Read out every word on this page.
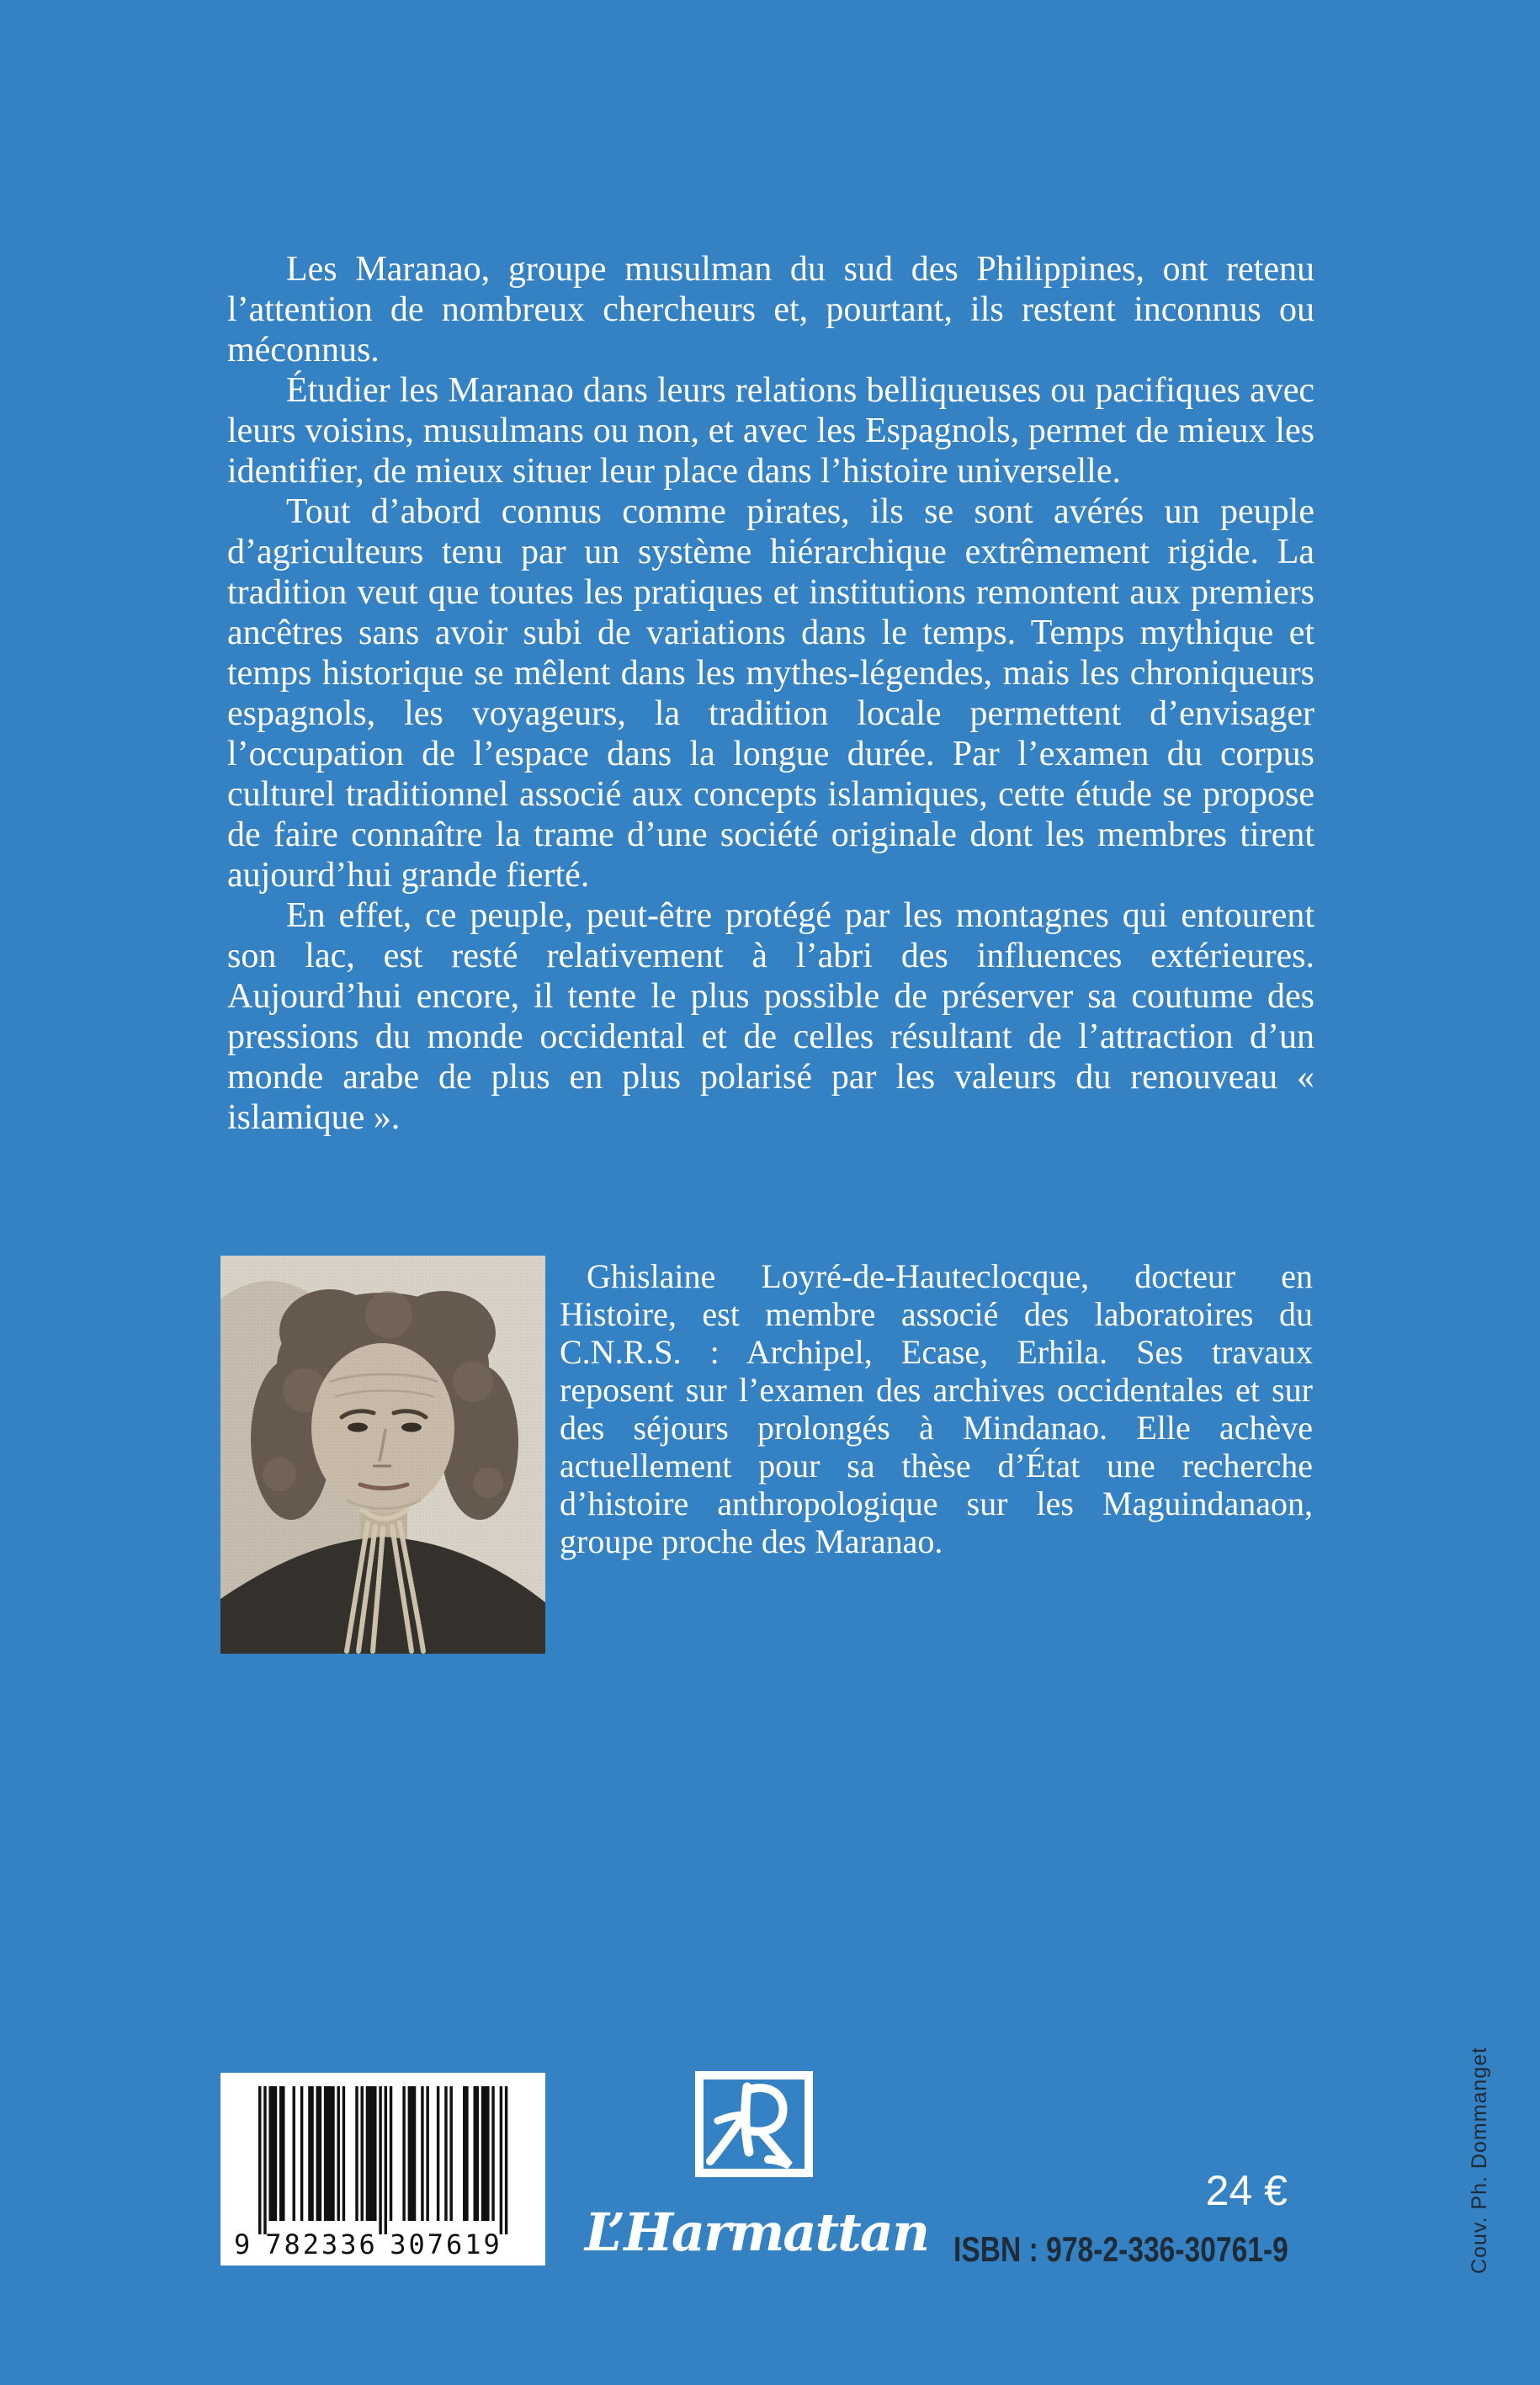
Les Maranao, groupe musulman du sud des Philippines, ont retenu l’attention de nombreux chercheurs et, pourtant, ils restent inconnus ou méconnus.

Étudier les Maranao dans leurs relations belliqueuses ou pacifiques avec leurs voisins, musulmans ou non, et avec les Espagnols, permet de mieux les identifier, de mieux situer leur place dans l’histoire universelle.

Tout d’abord connus comme pirates, ils se sont avérés un peuple d’agriculteurs tenu par un système hiérarchique extrêmement rigide. La tradition veut que toutes les pratiques et institutions remontent aux premiers ancêtres sans avoir subi de variations dans le temps. Temps mythique et temps historique se mêlent dans les mythes-légendes, mais les chroniqueurs espagnols, les voyageurs, la tradition locale permettent d’envisager l’occupation de l’espace dans la longue durée. Par l’examen du corpus culturel traditionnel associé aux concepts islamiques, cette étude se propose de faire connaître la trame d’une société originale dont les membres tirent aujourd’hui grande fierté.

En effet, ce peuple, peut-être protégé par les montagnes qui entourent son lac, est resté relativement à l’abri des influences extérieures. Aujourd’hui encore, il tente le plus possible de préserver sa coutume des pressions du monde occidental et de celles résultant de l’attraction d’un monde arabe de plus en plus polarisé par les valeurs du renouveau « islamique ».

Ghislaine Loyré-de-Hauteclocque, docteur en Histoire, est membre associé des laboratoires du C.N.R.S. : Archipel, Ecase, Erhila. Ses travaux reposent sur l’examen des archives occidentales et sur des séjours prolongés à Mindanao. Elle achève actuellement pour sa thèse d’État une recherche d’histoire anthropologique sur les Maguindanaon, groupe proche des Maranao.

9 782336 307619 L’Harmattan
24 €
ISBN : 978-2-336-30761-9	Couv. Ph. Dommanget
